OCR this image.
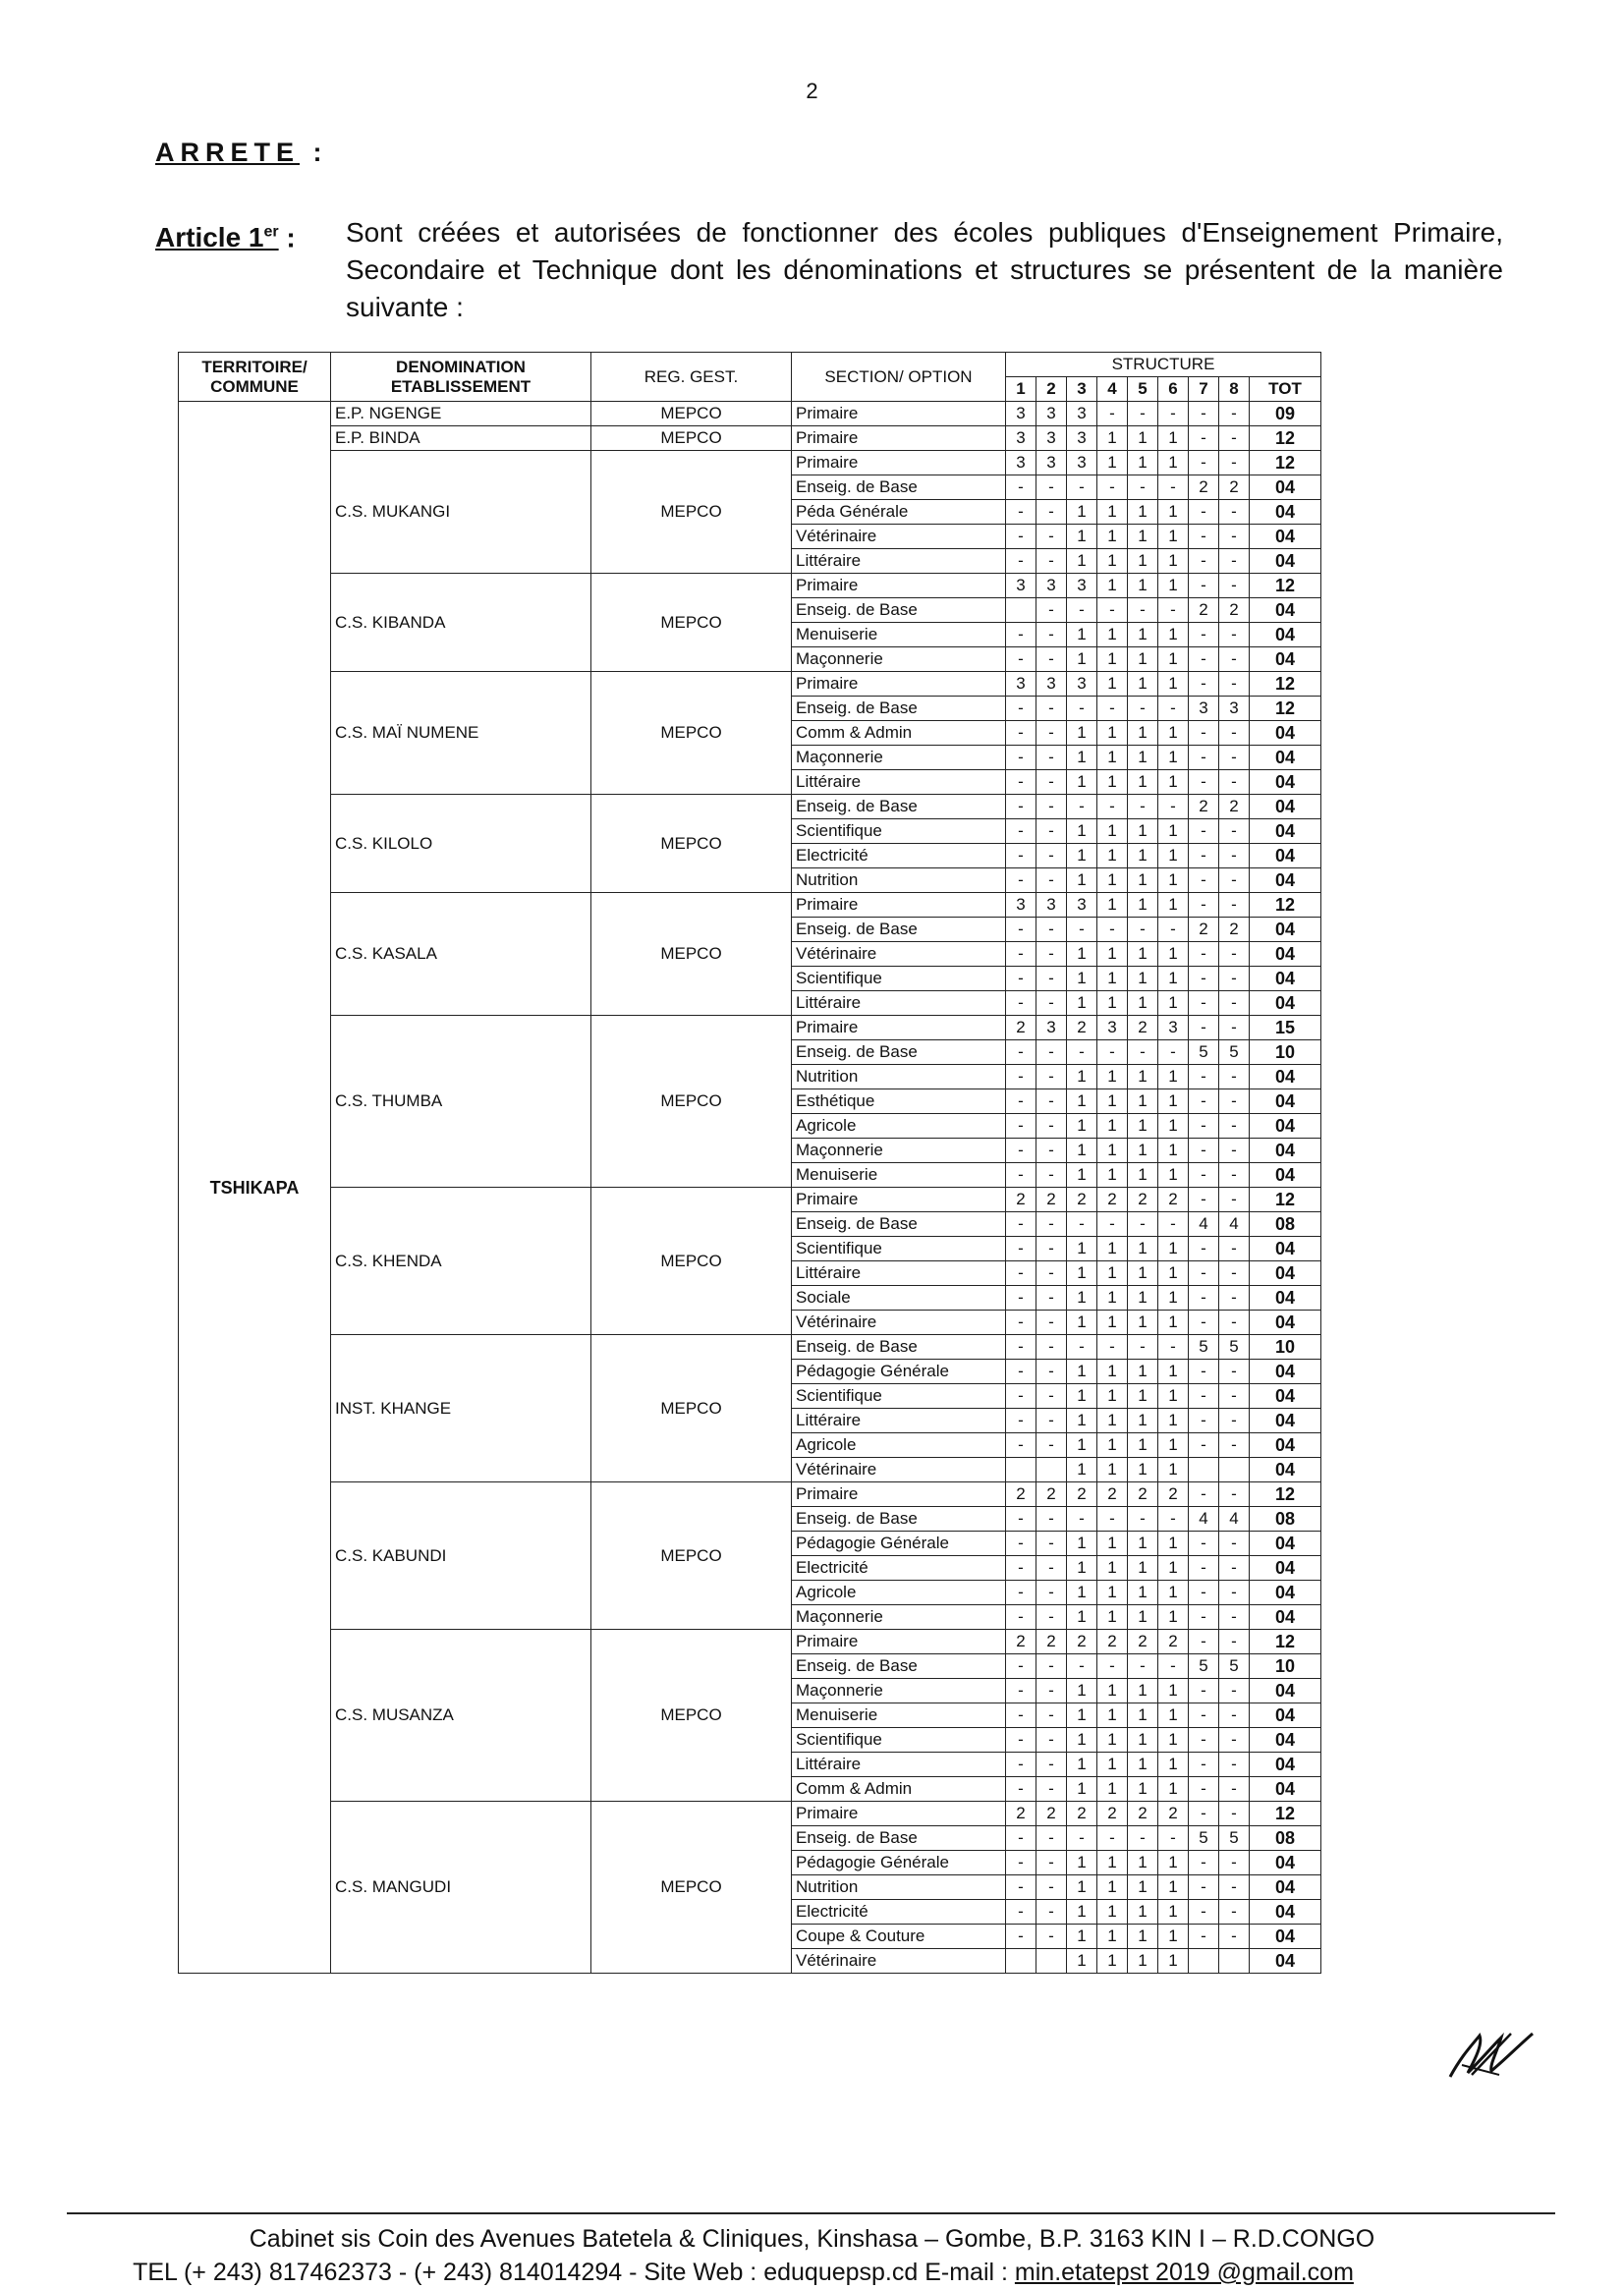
2
ARRETE :
Article 1er : Sont créées et autorisées de fonctionner des écoles publiques d'Enseignement Primaire, Secondaire et Technique dont les dénominations et structures se présentent de la manière suivante :
TERRITOIRE/ COMMUNE	DENOMINATION ETABLISSEMENT	REG. GEST.	SECTION/ OPTION	STRUCTURE								
				1	2	3	4	5	6	7	8	TOT
TSHIKAPA	E.P. NGENGE	MEPCO	Primaire	3	3	3	-	-	-	-	-	09
	E.P. BINDA	MEPCO	Primaire	3	3	3	1	1	1	-	-	12
	C.S. MUKANGI	MEPCO	Primaire	3	3	3	1	1	1	-	-	12
			Enseig. de Base	-	-	-	-	-	-	2	2	04
			Péda Générale	-	-	1	1	1	1	-	-	04
			Vétérinaire	-	-	1	1	1	1	-	-	04
			Littéraire	-	-	1	1	1	1	-	-	04
	C.S. KIBANDA	MEPCO	Primaire	3	3	3	1	1	1	-	-	12
			Enseig. de Base		-	-	-	-	-	2	2	04
			Menuiserie	-	-	1	1	1	1	-	-	04
			Maçonnerie	-	-	1	1	1	1	-	-	04
	C.S. MAÏ NUMENE	MEPCO	Primaire	3	3	3	1	1	1	-	-	12
			Enseig. de Base	-	-	-	-	-	-	3	3	12
			Comm & Admin	-	-	1	1	1	1	-	-	04
			Maçonnerie	-	-	1	1	1	1	-	-	04
			Littéraire	-	-	1	1	1	1	-	-	04
	C.S. KILOLO	MEPCO	Enseig. de Base	-	-	-	-	-	-	2	2	04
			Scientifique	-	-	1	1	1	1	-	-	04
			Electricité	-	-	1	1	1	1	-	-	04
			Nutrition	-	-	1	1	1	1	-	-	04
	C.S. KASALA	MEPCO	Primaire	3	3	3	1	1	1	-	-	12
			Enseig. de Base	-	-	-	-	-	-	2	2	04
			Vétérinaire	-	-	1	1	1	1	-	-	04
			Scientifique	-	-	1	1	1	1	-	-	04
			Littéraire	-	-	1	1	1	1	-	-	04
	C.S. THUMBA	MEPCO	Primaire	2	3	2	3	2	3	-	-	15
			Enseig. de Base	-	-	-	-	-	-	5	5	10
			Nutrition	-	-	1	1	1	1	-	-	04
			Esthétique	-	-	1	1	1	1	-	-	04
			Agricole	-	-	1	1	1	1	-	-	04
			Maçonnerie	-	-	1	1	1	1	-	-	04
			Menuiserie	-	-	1	1	1	1	-	-	04
	C.S. KHENDA	MEPCO	Primaire	2	2	2	2	2	2	-	-	12
			Enseig. de Base	-	-	-	-	-	-	4	4	08
			Scientifique	-	-	1	1	1	1	-	-	04
			Littéraire	-	-	1	1	1	1	-	-	04
			Sociale	-	-	1	1	1	1	-	-	04
			Vétérinaire	-	-	1	1	1	1	-	-	04
	INST. KHANGE	MEPCO	Enseig. de Base	-	-	-	-	-	-	5	5	10
			Pédagogie Générale	-	-	1	1	1	1	-	-	04
			Scientifique	-	-	1	1	1	1	-	-	04
			Littéraire	-	-	1	1	1	1	-	-	04
			Agricole	-	-	1	1	1	1	-	-	04
			Vétérinaire			1	1	1	1			04
	C.S. KABUNDI	MEPCO	Primaire	2	2	2	2	2	2	-	-	12
			Enseig. de Base	-	-	-	-	-	-	4	4	08
			Pédagogie Générale	-	-	1	1	1	1	-	-	04
			Electricité	-	-	1	1	1	1	-	-	04
			Agricole	-	-	1	1	1	1	-	-	04
			Maçonnerie	-	-	1	1	1	1	-	-	04
	C.S. MUSANZA	MEPCO	Primaire	2	2	2	2	2	2	-	-	12
			Enseig. de Base	-	-	-	-	-	-	5	5	10
			Maçonnerie	-	-	1	1	1	1	-	-	04
			Menuiserie	-	-	1	1	1	1	-	-	04
			Scientifique	-	-	1	1	1	1	-	-	04
			Littéraire	-	-	1	1	1	1	-	-	04
			Comm & Admin	-	-	1	1	1	1	-	-	04
	C.S. MANGUDI	MEPCO	Primaire	2	2	2	2	2	2	-	-	12
			Enseig. de Base	-	-	-	-	-	-	5	5	08
			Pédagogie Générale	-	-	1	1	1	1	-	-	04
			Nutrition	-	-	1	1	1	1	-	-	04
			Electricité	-	-	1	1	1	1	-	-	04
			Coupe & Couture	-	-	1	1	1	1	-	-	04
			Vétérinaire			1	1	1	1			04
Cabinet sis Coin des Avenues Batetela & Cliniques, Kinshasa – Gombe, B.P. 3163 KIN I – R.D.CONGO
TEL (+ 243) 817462373 - (+ 243) 814014294 - Site Web : eduquepsp.cd E-mail : min.etatepst 2019 @gmail.com
